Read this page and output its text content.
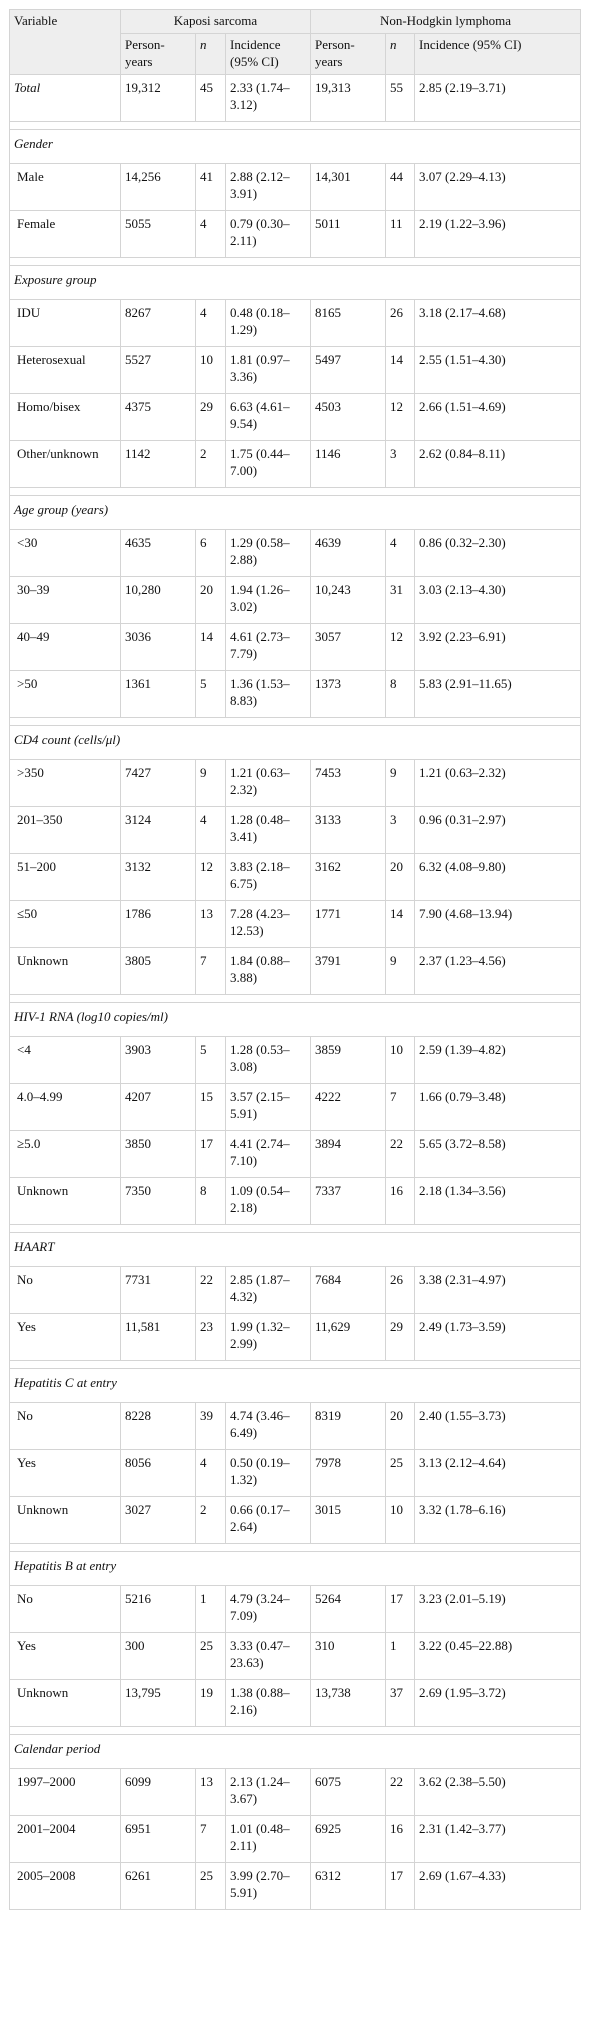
Variable	Kaposi sarcoma			Non-Hodgkin lymphoma		
	Person-years	n	Incidence (95% CI)	Person-years	n	Incidence (95% CI)
Total	19,312	45	2.33 (1.74–3.12)	19,313	55	2.85 (2.19–3.71)

Gender						
Male	14,256	41	2.88 (2.12–3.91)	14,301	44	3.07 (2.29–4.13)
Female	5055	4	0.79 (0.30–2.11)	5011	11	2.19 (1.22–3.96)

Exposure group						
IDU	8267	4	0.48 (0.18–1.29)	8165	26	3.18 (2.17–4.68)
Heterosexual	5527	10	1.81 (0.97–3.36)	5497	14	2.55 (1.51–4.30)
Homo/bisex	4375	29	6.63 (4.61–9.54)	4503	12	2.66 (1.51–4.69)
Other/unknown	1142	2	1.75 (0.44–7.00)	1146	3	2.62 (0.84–8.11)

Age group (years)						
<30	4635	6	1.29 (0.58–2.88)	4639	4	0.86 (0.32–2.30)
30–39	10,280	20	1.94 (1.26–3.02)	10,243	31	3.03 (2.13–4.30)
40–49	3036	14	4.61 (2.73–7.79)	3057	12	3.92 (2.23–6.91)
>50	1361	5	1.36 (1.53–8.83)	1373	8	5.83 (2.91–11.65)

CD4 count (cells/μl)						
>350	7427	9	1.21 (0.63–2.32)	7453	9	1.21 (0.63–2.32)
201–350	3124	4	1.28 (0.48–3.41)	3133	3	0.96 (0.31–2.97)
51–200	3132	12	3.83 (2.18–6.75)	3162	20	6.32 (4.08–9.80)
≤50	1786	13	7.28 (4.23–12.53)	1771	14	7.90 (4.68–13.94)
Unknown	3805	7	1.84 (0.88–3.88)	3791	9	2.37 (1.23–4.56)

HIV-1 RNA (log10 copies/ml)						
<4	3903	5	1.28 (0.53–3.08)	3859	10	2.59 (1.39–4.82)
4.0–4.99	4207	15	3.57 (2.15–5.91)	4222	7	1.66 (0.79–3.48)
≥5.0	3850	17	4.41 (2.74–7.10)	3894	22	5.65 (3.72–8.58)
Unknown	7350	8	1.09 (0.54–2.18)	7337	16	2.18 (1.34–3.56)

HAART						
No	7731	22	2.85 (1.87–4.32)	7684	26	3.38 (2.31–4.97)
Yes	11,581	23	1.99 (1.32–2.99)	11,629	29	2.49 (1.73–3.59)

Hepatitis C at entry						
No	8228	39	4.74 (3.46–6.49)	8319	20	2.40 (1.55–3.73)
Yes	8056	4	0.50 (0.19–1.32)	7978	25	3.13 (2.12–4.64)
Unknown	3027	2	0.66 (0.17–2.64)	3015	10	3.32 (1.78–6.16)

Hepatitis B at entry						
No	5216	1	4.79 (3.24–7.09)	5264	17	3.23 (2.01–5.19)
Yes	300	25	3.33 (0.47–23.63)	310	1	3.22 (0.45–22.88)
Unknown	13,795	19	1.38 (0.88–2.16)	13,738	37	2.69 (1.95–3.72)

Calendar period						
1997–2000	6099	13	2.13 (1.24–3.67)	6075	22	3.62 (2.38–5.50)
2001–2004	6951	7	1.01 (0.48–2.11)	6925	16	2.31 (1.42–3.77)
2005–2008	6261	25	3.99 (2.70–5.91)	6312	17	2.69 (1.67–4.33)
